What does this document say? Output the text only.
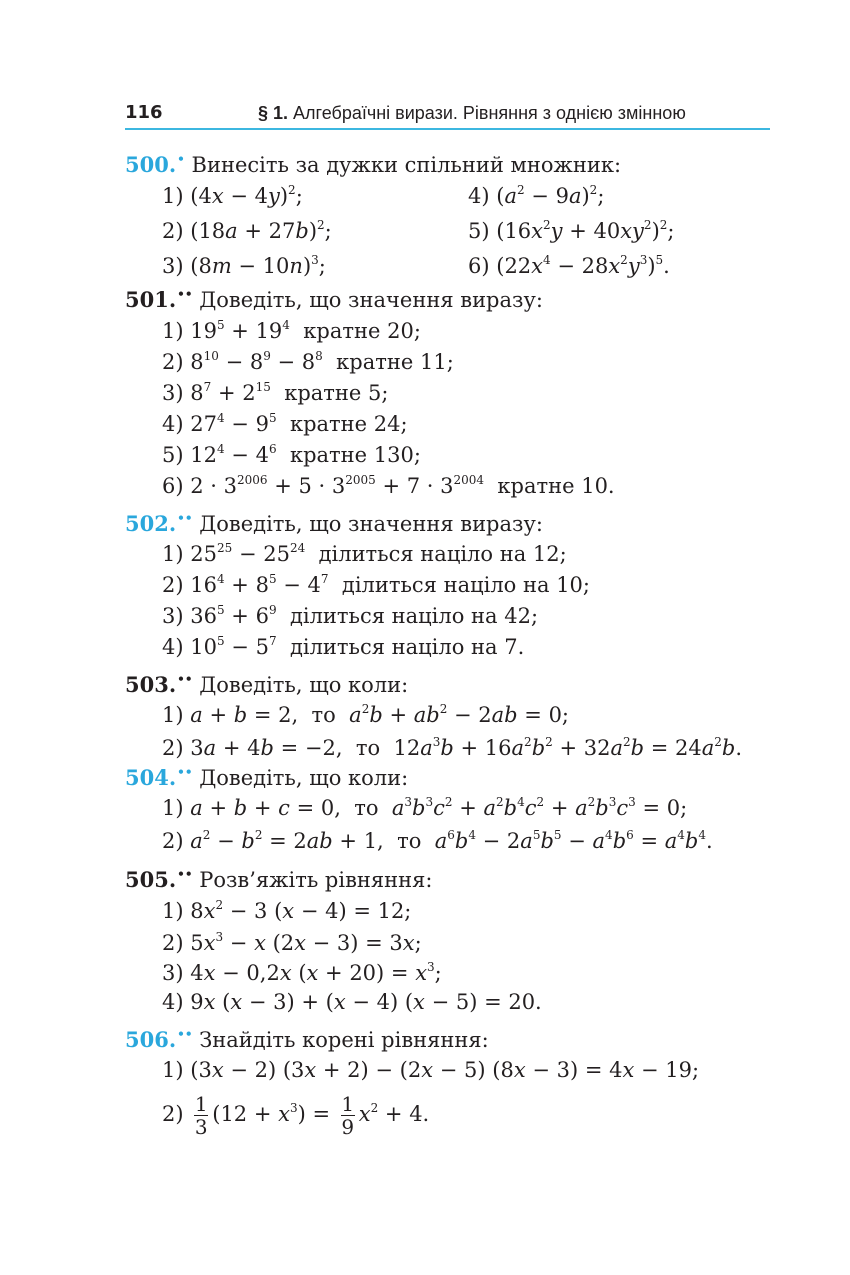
116	§ 1. Алгебраїчні вирази. Рівняння з однією змінною
500.• Винесіть за дужки спільний множник:
1) $(4x - 4y)^2$;	4) $(a^2 - 9a)^2$;
2) $(18a + 27b)^2$;	5) $(16x^2y + 40xy^2)^2$;
3) $(8m - 10n)^3$;	6) $(22x^4 - 28x^2y^3)^5$.
501.•• Доведіть, що значення виразу:
1) $19^5 + 19^4$ кратне 20;
2) $8^{10} - 8^9 - 8^8$ кратне 11;
3) $8^7 + 2^{15}$ кратне 5;
4) $27^4 - 9^5$ кратне 24;
5) $12^4 - 4^6$ кратне 130;
6) $2 \cdot 3^{2006} + 5 \cdot 3^{2005} + 7 \cdot 3^{2004}$ кратне 10.
502.•• Доведіть, що значення виразу:
1) $25^{25} - 25^{24}$ ділиться націло на 12;
2) $16^4 + 8^5 - 4^7$ ділиться націло на 10;
3) $36^5 + 6^9$ ділиться націло на 42;
4) $10^5 - 5^7$ ділиться націло на 7.
503.•• Доведіть, що коли:
1) a + b = 2, то $a^2b + ab^2 - 2ab = 0$;
2) 3a + 4b = −2, то $12a^3b + 16a^2b^2 + 32a^2b = 24a^2b$.
504.•• Доведіть, що коли:
1) a + b + c = 0, то $a^3b^3c^2 + a^2b^4c^2 + a^2b^3c^3 = 0$;
2) $a^2 - b^2 = 2ab + 1$, то $a^6b^4 - 2a^5b^5 - a^4b^6 = a^4b^4$.
505.•• Розв’яжіть рівняння:
1) $8x^2 - 3$ (x − 4) = 12;
2) $5x^3 - x$ (2x − 3) = 3x;
3) 4x − 0,2x $(x + 20) = x^3$;
4) 9x (x − 3) + (x − 4) (x − 5) = 20.
506.•• Знайдіть корені рівняння:
1) (3x − 2) (3x + 2) − (2x − 5) (8x − 3) = 4x − 19;
$2) \frac{1}{3} (12 + x^3) = \frac{1}{9} x^2 + 4$.
